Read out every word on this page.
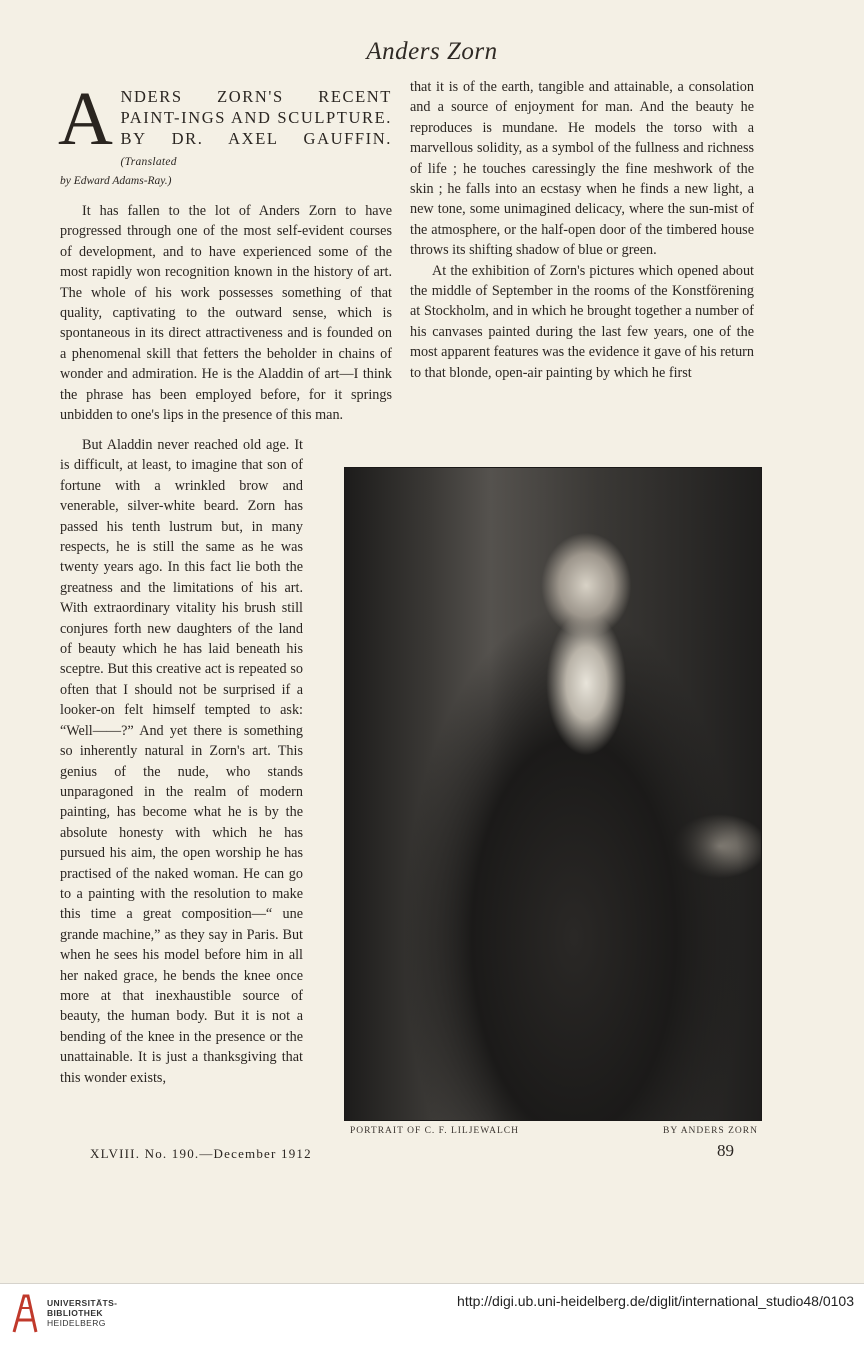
Anders Zorn
A NDERS ZORN'S RECENT PAINT-INGS AND SCULPTURE. BY DR. AXEL GAUFFIN. (Translated
by Edward Adams-Ray.)

It has fallen to the lot of Anders Zorn to have progressed through one of the most self-evident courses of development, and to have experienced some of the most rapidly won recognition known in the history of art. The whole of his work possesses something of that quality, captivating to the outward sense, which is spontaneous in its direct attractiveness and is founded on a phenomenal skill that fetters the beholder in chains of wonder and admiration. He is the Aladdin of art—I think the phrase has been employed before, for it springs unbidden to one's lips in the presence of this man.

But Aladdin never reached old age. It is difficult, at least, to imagine that son of fortune with a wrinkled brow and venerable, silver-white beard. Zorn has passed his tenth lustrum but, in many respects, he is still the same as he was twenty years ago. In this fact lie both the greatness and the limitations of his art. With extraordinary vitality his brush still conjures forth new daughters of the land of beauty which he has laid beneath his sceptre. But this creative act is repeated so often that I should not be surprised if a looker-on felt himself tempted to ask: “Well——?” And yet there is something so inherently natural in Zorn's art. This genius of the nude, who stands unparagoned in the realm of modern painting, has become what he is by the absolute honesty with which he has pursued his aim, the open worship he has practised of the naked woman. He can go to a painting with the resolution to make this time a great composition—“ une grande machine,” as they say in Paris. But when he sees his model before him in all her naked grace, he bends the knee once more at that inexhaustible source of beauty, the human body. But it is not a bending of the knee in the presence or the unattainable. It is just a thanksgiving that this wonder exists,

that it is of the earth, tangible and attainable, a consolation and a source of enjoyment for man. And the beauty he reproduces is mundane. He models the torso with a marvellous solidity, as a symbol of the fullness and richness of life ; he touches caressingly the fine meshwork of the skin ; he falls into an ecstasy when he finds a new light, a new tone, some unimagined delicacy, where the sun-mist of the atmosphere, or the half-open door of the timbered house throws its shifting shadow of blue or green.

At the exhibition of Zorn's pictures which opened about the middle of September in the rooms of the Konstförening at Stockholm, and in which he brought together a number of his canvases painted during the last few years, one of the most apparent features was the evidence it gave of his return to that blonde, open-air painting by which he first

PORTRAIT OF C. F. LILJEWALCH	BY ANDERS ZORN
XLVIII. No. 190.—December 1912	89
UNIVERSITÄTS-
BIBLIOTHEK
HEIDELBERG
http://digi.ub.uni-heidelberg.de/diglit/international_studio48/0103
